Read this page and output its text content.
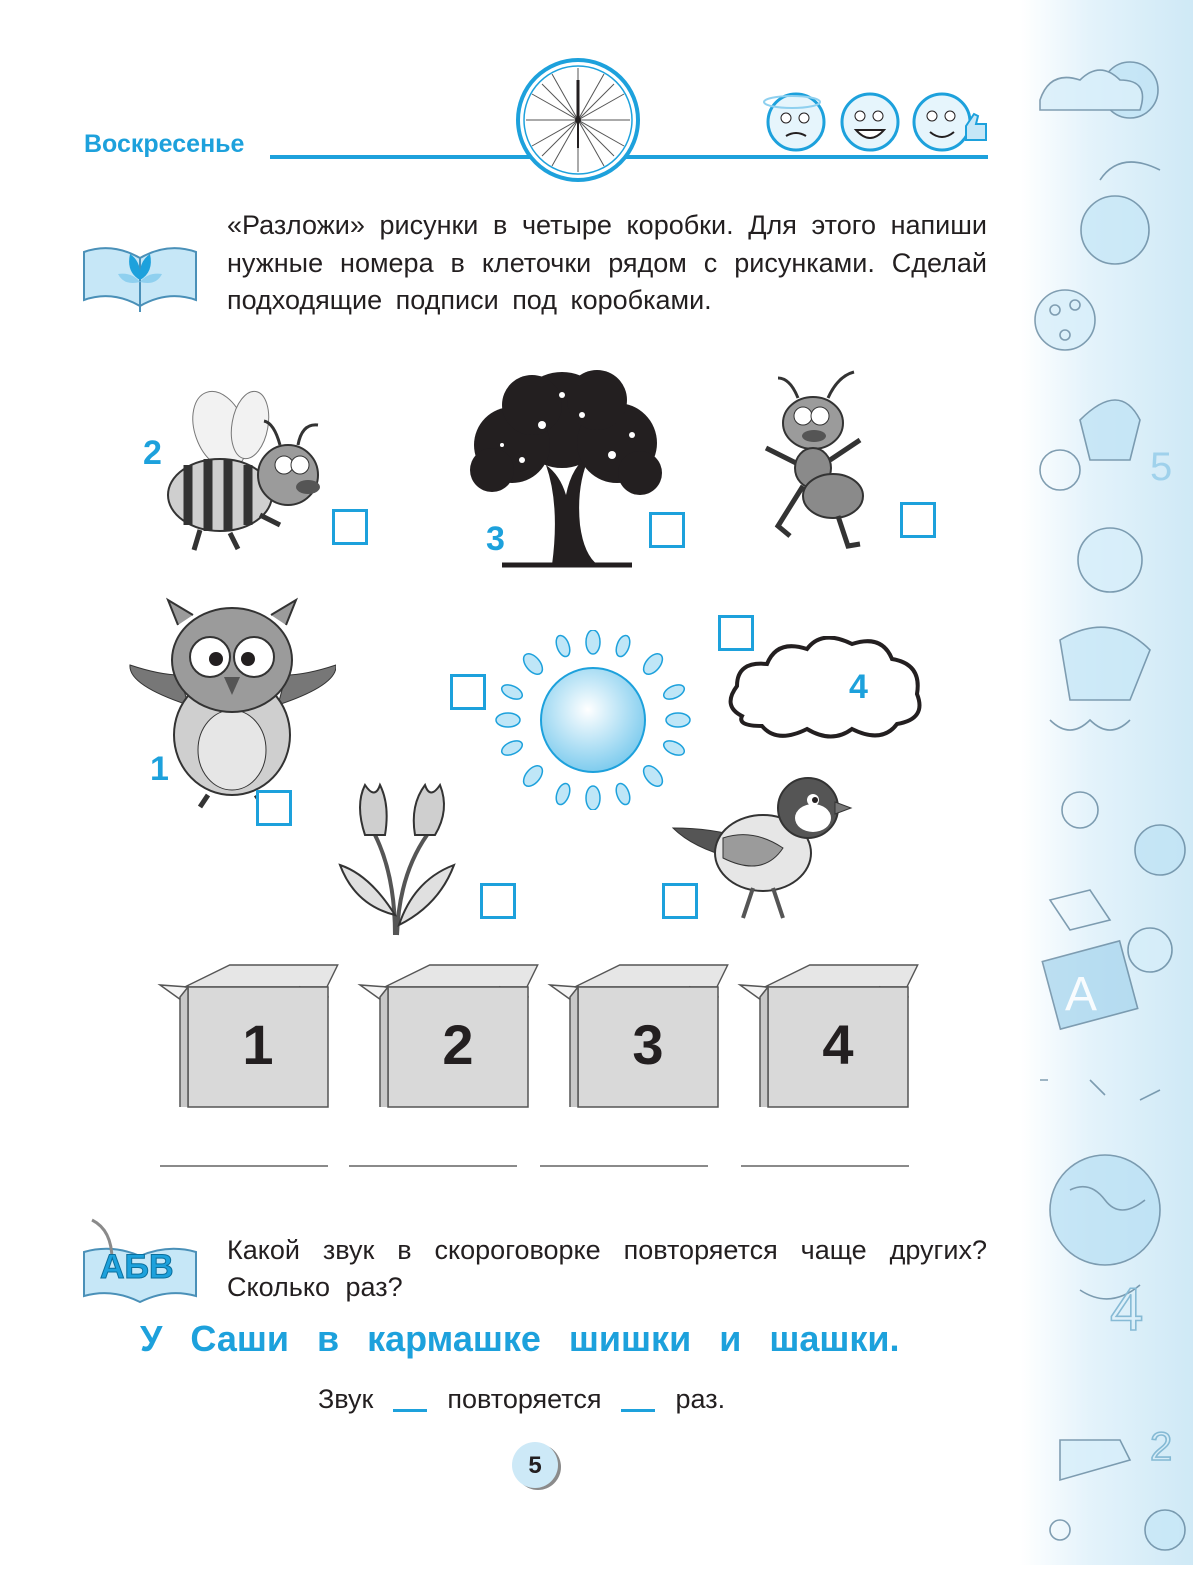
5
A
4
2
Воскресенье
«Разложи» рисунки в четыре коробки. Для этого напиши нужные номера в клеточки рядом с рисунками. Сделай подходящие подписи под коробками.
2
3
1
4
1	2	3	4
АБВ Какой звук в скороговорке повторяется чаще других? Сколько раз?
У Саши в кармашке шишки и шашки.
Звук	повторяется	раз.
5
